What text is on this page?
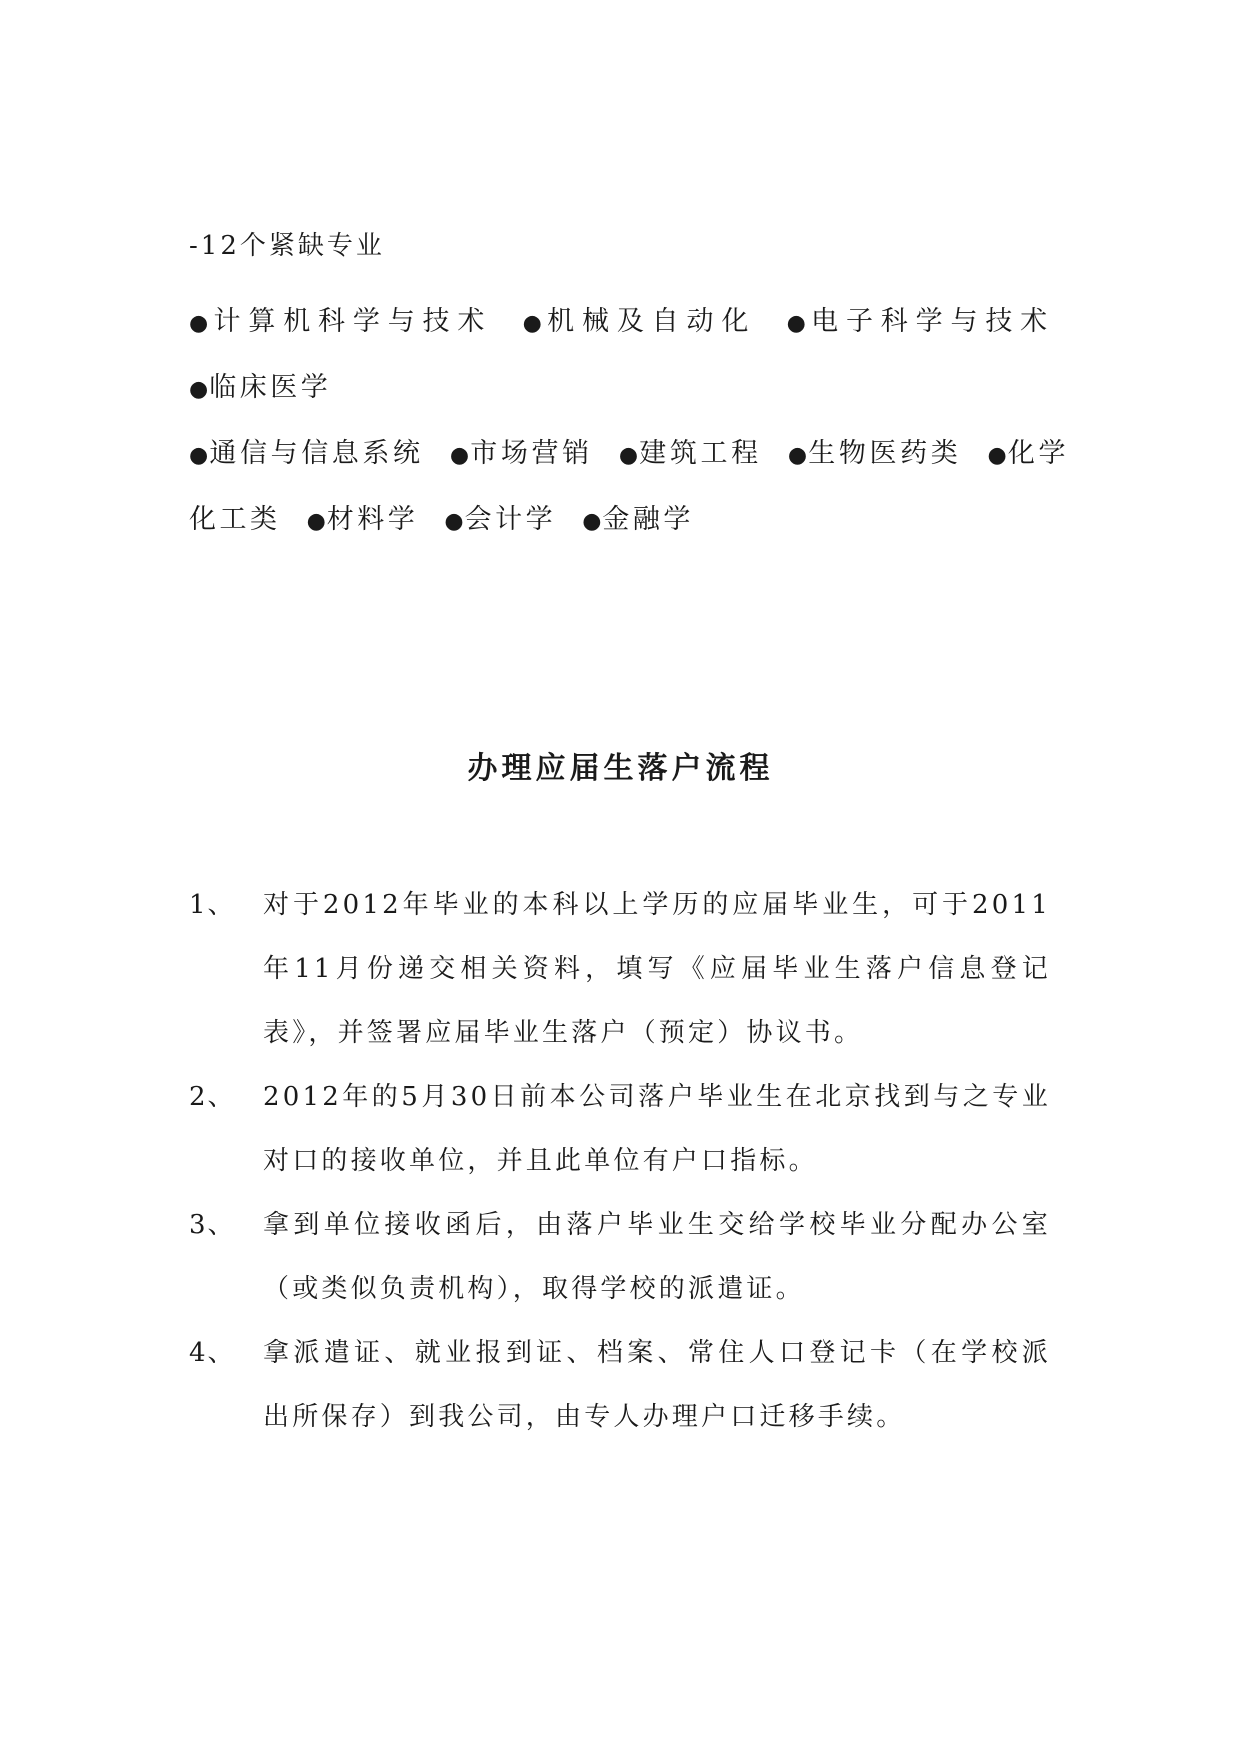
-12个紧缺专业
●计算机科学与技术 ●机械及自动化 ●电子科学与技术 ●临床医学
●通信与信息系统 ●市场营销 ●建筑工程 ●生物医药类 ●化学化工类 ●材料学 ●会计学 ●金融学
办理应届生落户流程
1、 对于2012年毕业的本科以上学历的应届毕业生，可于2011年11月份递交相关资料，填写《应届毕业生落户信息登记表》，并签署应届毕业生落户（预定）协议书。
2、 2012年的5月30日前本公司落户毕业生在北京找到与之专业对口的接收单位，并且此单位有户口指标。
3、 拿到单位接收函后，由落户毕业生交给学校毕业分配办公室（或类似负责机构），取得学校的派遣证。
4、 拿派遣证、就业报到证、档案、常住人口登记卡（在学校派出所保存）到我公司，由专人办理户口迁移手续。
